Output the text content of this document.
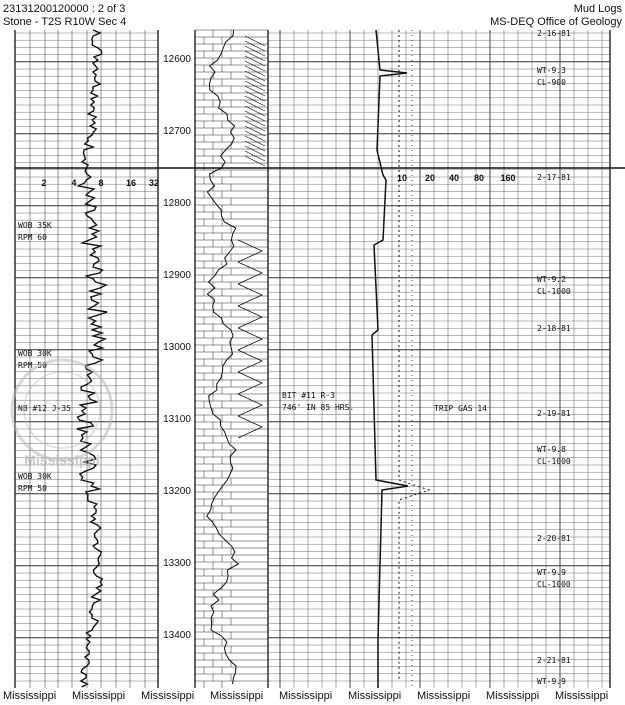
23131200120000 : 2 of 3
Stone - T2S R10W Sec 4
Mud Logs
MS-DEQ Office of Geology
2	4 8 16 32	10 20 40 80 160
12600
12700
12800
12900
13000
13100
13200
13300
13400
WOB 35K
RPM 60
WOB 30K
RPM 50
NB #12 J-35
WOB 30K
RPM 50
BIT #11 R-3
746' IN 85 HRS.	TRIP GAS 14
2-16-81
WT-9.3
CL-900
2-17-81
WT-9.2
CL-1000
2-18-81
2-19-81
WT-9.8
CL-1000
2-20-81
WT-9.9
CL-1000
2-21-81
WT-9.9
Mississippi
Mississippi Mississippi Mississippi Mississippi Mississippi Mississippi Mississippi Mississippi Mississippi
